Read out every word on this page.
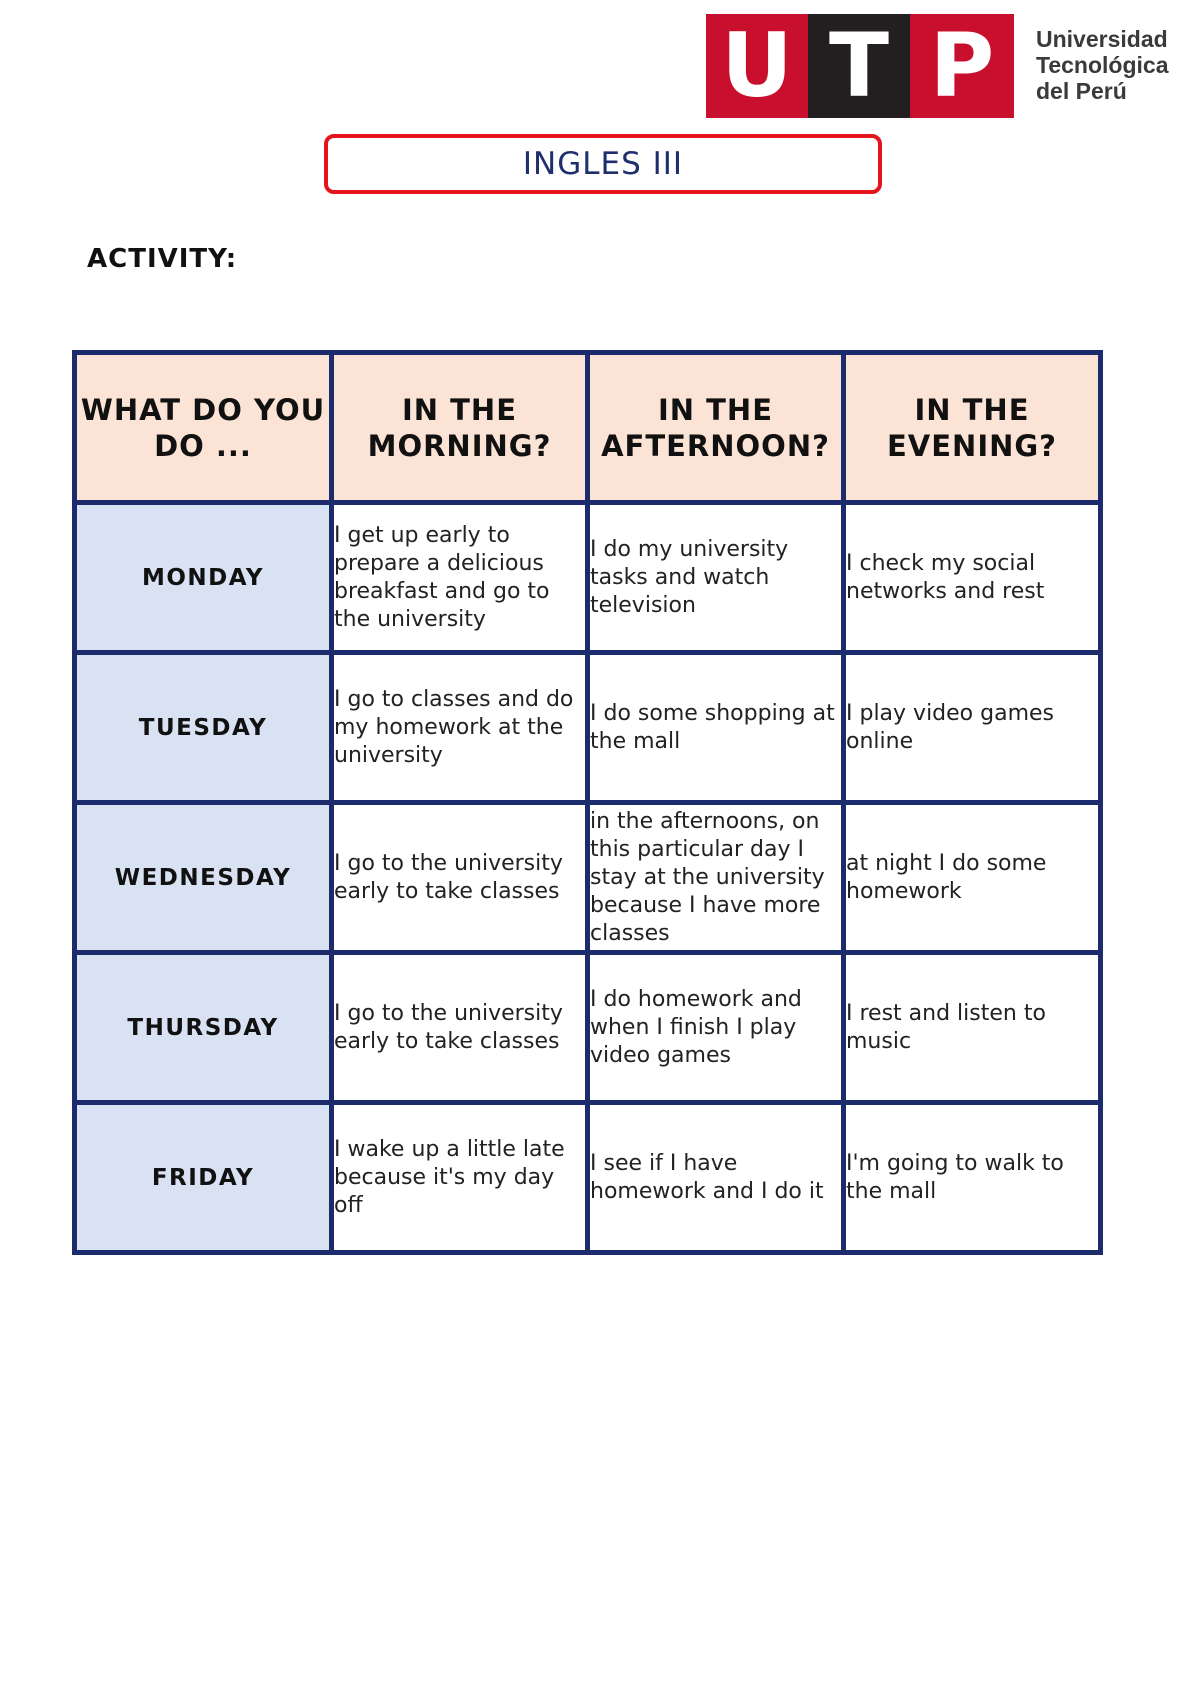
U T P	Universidad
Tecnológica
del Perú
INGLES III
ACTIVITY:
WHAT DO YOU DO ...	IN THE MORNING?	IN THE AFTERNOON?	IN THE EVENING?
MONDAY	I get up early to prepare a delicious breakfast and go to the university	I do my university tasks and watch television	I check my social networks and rest
TUESDAY	I go to classes and do my homework at the university	I do some shopping at the mall	I play video games online
WEDNESDAY	I go to the university early to take classes	in the afternoons, on this particular day I stay at the university because I have more classes	at night I do some homework
THURSDAY	I go to the university early to take classes	I do homework and when I finish I play video games	I rest and listen to music
FRIDAY	I wake up a little late because it's my day off	I see if I have homework and I do it	I'm going to walk to the mall
